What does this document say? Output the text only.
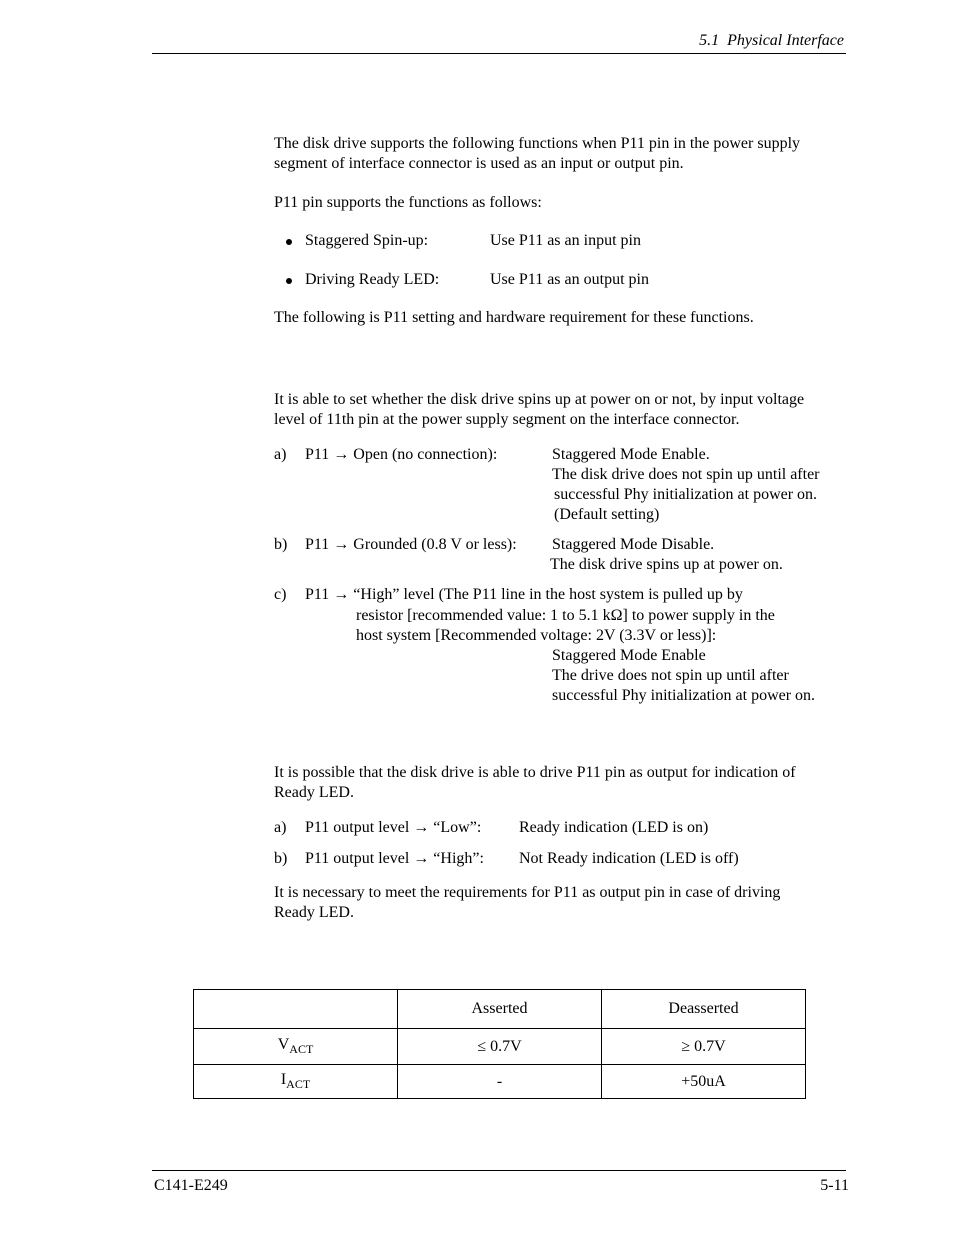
5.1 Physical Interface
The disk drive supports the following functions when P11 pin in the power supply
segment of interface connector is used as an input or output pin.
P11 pin supports the functions as follows:
Staggered Spin-up:	Use P11 as an input pin
Driving Ready LED:	Use P11 as an output pin
The following is P11 setting and hardware requirement for these functions.
It is able to set whether the disk drive spins up at power on or not, by input voltage
level of 11th pin at the power supply segment on the interface connector.
a) P11 → Open (no connection):	Staggered Mode Enable.
The disk drive does not spin up until after
successful Phy initialization at power on.
(Default setting)
b) P11 → Grounded (0.8 V or less): Staggered Mode Disable.
The disk drive spins up at power on.
c) P11 → “High” level (The P11 line in the host system is pulled up by
resistor [recommended value: 1 to 5.1 kΩ] to power supply in the
host system [Recommended voltage: 2V (3.3V or less)]:
Staggered Mode Enable
The drive does not spin up until after
successful Phy initialization at power on.
It is possible that the disk drive is able to drive P11 pin as output for indication of
Ready LED.
a) P11 output level → “Low”: Ready indication (LED is on)
b) P11 output level → “High”: Not Ready indication (LED is off)
It is necessary to meet the requirements for P11 as output pin in case of driving
Ready LED.
	Asserted	Deasserted
$V_{ACT}$	≤ 0.7V	≥ 0.7V
$I_{ACT}$	-	+50uA
C141-E249	5-11
